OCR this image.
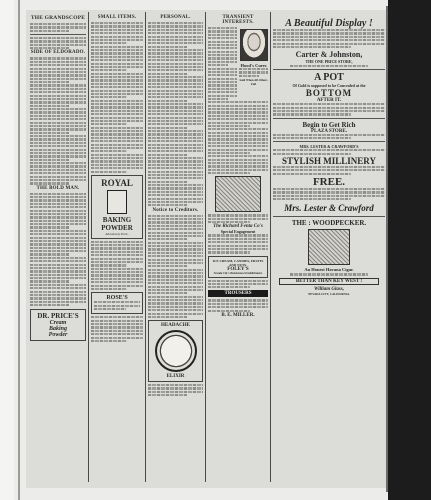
THE GRANDSCOPE
SIDE OF ELDORADO.
THE BOLD MAN.
DR. PRICE'S
Cream
Baking
Powder
SMALL ITEMS.
ROYAL
BAKING
POWDER
Absolutely Pure.
ROSE'S
PERSONAL.
Notice to Creditors.
HEADACHE
ELIXIR
TRANSIENT INTERESTS.
Hood's Cures
Sold When All Others Fail
The Richard Fenta Co's
Special Engagement
ICE CREAM, CANDIES, FRUITS AND NUTS.
FOLEY'S
Nevada City's Handsomest Establishment.
TROUSERS
B. E. MILLER.
A Beautiful Display !
Carter & Johnston,
THE ONE PRICE STORE,
A POT
Of Gold is supposed to be Concealed at the
BOTTOM
AFTER IT.
Begin to Get Rich
PLAZA STORE.
MRS. LESTER & CRAWFORD'S
STYLISH MILLINERY
FREE.
Mrs. Lester & Crawford
THE : WOODPECKER.
An Honest Havana Cigar.
BETTER THAN KEY WEST !
William Glass,
NEVADA CITY, CALIFORNIA.
